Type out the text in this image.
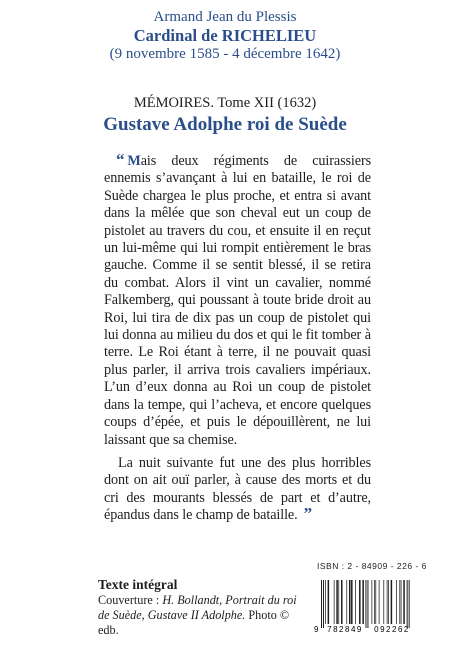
Armand Jean du Plessis
Cardinal de RICHELIEU
(9 novembre 1585 - 4 décembre 1642)
MÉMOIRES. Tome XII (1632)
Gustave Adolphe roi de Suède

“ Mais deux régiments de cuirassiers ennemis s’avançant à lui en bataille, le roi de Suède chargea le plus proche, et entra si avant dans la mêlée que son cheval eut un coup de pistolet au travers du cou, et ensuite il en reçut un lui-même qui lui rompit entièrement le bras gauche. Comme il se sentit blessé, il se retira du combat. Alors il vint un cavalier, nommé Falkemberg, qui poussant à toute bride droit au Roi, lui tira de dix pas un coup de pistolet qui lui donna au milieu du dos et qui le fit tomber à terre. Le Roi étant à terre, il ne pouvait quasi plus parler, il arriva trois cavaliers impériaux. L’un d’eux donna au Roi un coup de pistolet dans la tempe, qui l’acheva, et encore quelques coups d’épée, et puis le dépouillèrent, ne lui laissant que sa chemise.

La nuit suivante fut une des plus horribles dont on ait ouï parler, à cause des morts et du cri des mourants blessés de part et d’autre, épandus dans le champ de bataille. ”

ISBN : 2 - 84909 - 226 - 6
Texte intégral
Couverture : H. Bollandt, Portrait du roi de Suède, Gustave II Adolphe. Photo © edb.	9 782849 092262
